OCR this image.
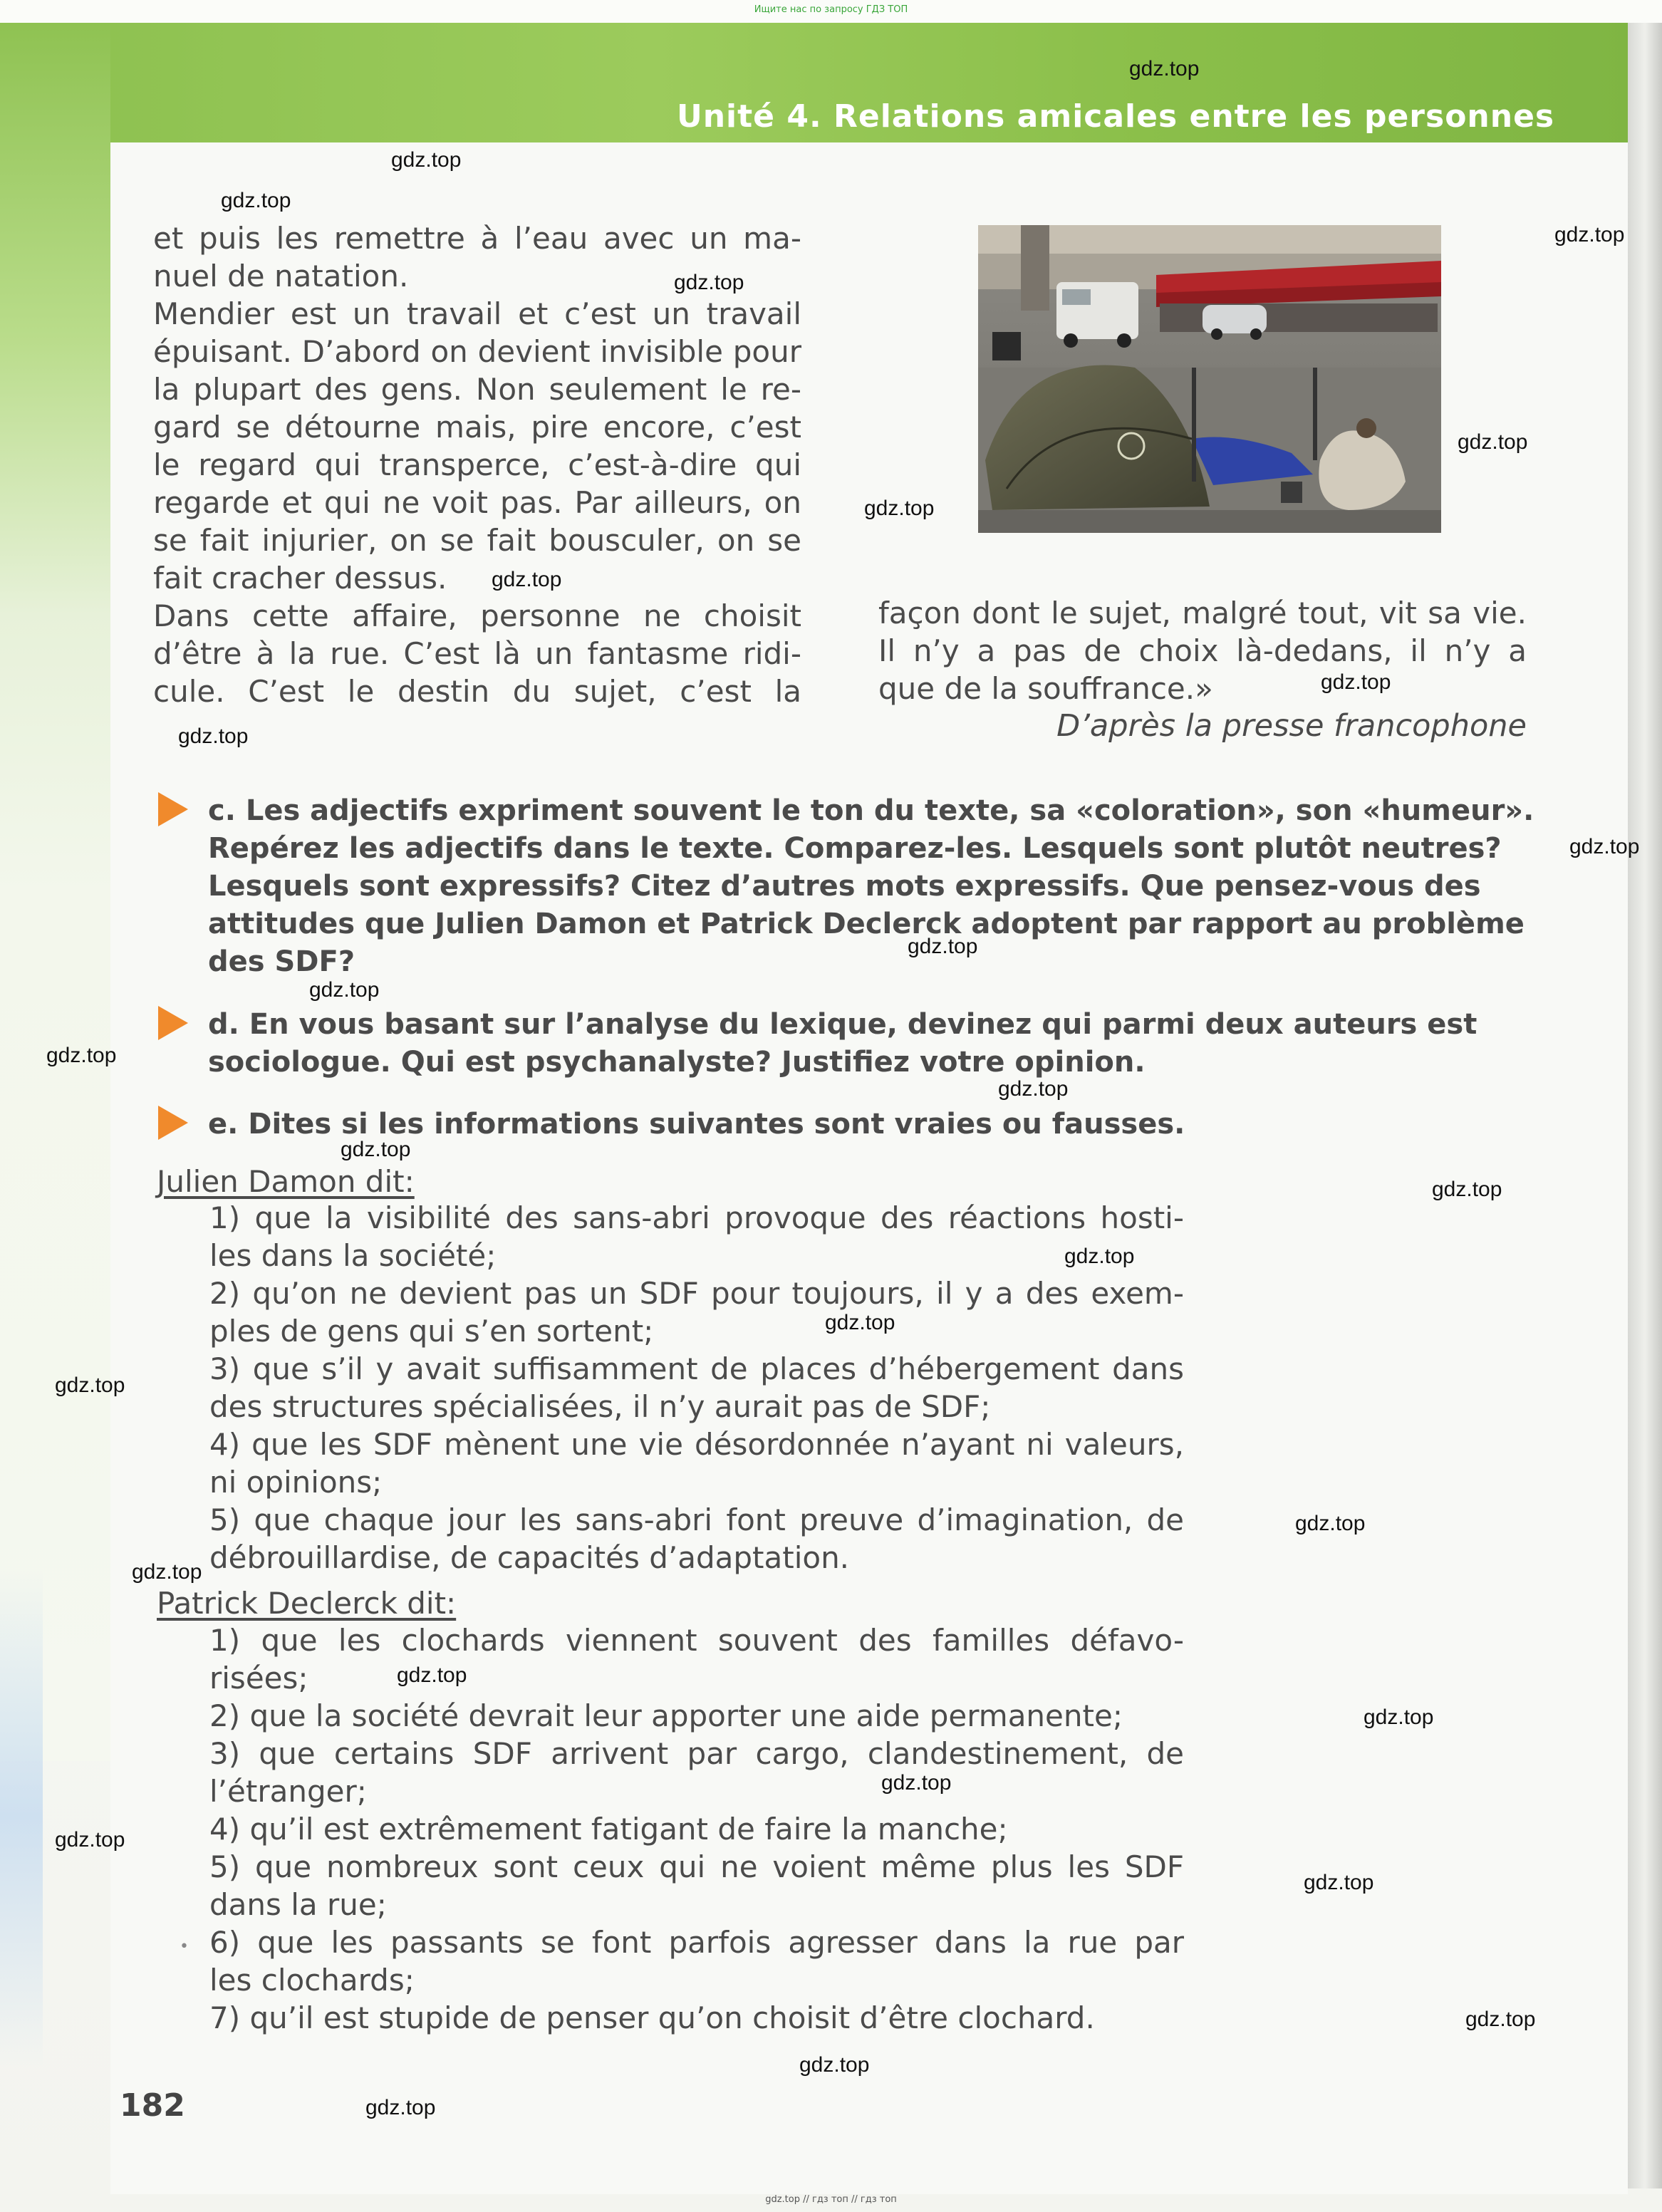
Ищите нас по запросу ГДЗ ТОП
Unité 4. Relations amicales entre les personnes
et puis les remettre à l’eau avec un ma-
nuel de natation.
Mendier est un travail et c’est un travail
épuisant. D’abord on devient invisible pour
la plupart des gens. Non seulement le re-
gard se détourne mais, pire encore, c’est
le regard qui transperce, c’est-à-dire qui
regarde et qui ne voit pas. Par ailleurs, on
se fait injurier, on se fait bousculer, on se
fait cracher dessus.
Dans cette affaire, personne ne choisit
d’être à la rue. C’est là un fantasme ridi-
cule. C’est le destin du sujet, c’est la
façon dont le sujet, malgré tout, vit sa vie.
Il n’y a pas de choix là-dedans, il n’y a
que de la souffrance.»
D’après la presse francophone
c. Les adjectifs expriment souvent le ton du texte, sa «coloration», son «humeur».
Repérez les adjectifs dans le texte. Comparez-les. Lesquels sont plutôt neutres?
Lesquels sont expressifs? Citez d’autres mots expressifs. Que pensez-vous des
attitudes que Julien Damon et Patrick Declerck adoptent par rapport au problème
des SDF?
d. En vous basant sur l’analyse du lexique, devinez qui parmi deux auteurs est
sociologue. Qui est psychanalyste? Justifiez votre opinion.
e. Dites si les informations suivantes sont vraies ou fausses.
Julien Damon dit:
1) que la visibilité des sans-abri provoque des réactions hosti-
les dans la société;
2) qu’on ne devient pas un SDF pour toujours, il y a des exem-
ples de gens qui s’en sortent;
3) que s’il y avait suffisamment de places d’hébergement dans
des structures spécialisées, il n’y aurait pas de SDF;
4) que les SDF mènent une vie désordonnée n’ayant ni valeurs,
ni opinions;
5) que chaque jour les sans-abri font preuve d’imagination, de
débrouillardise, de capacités d’adaptation.
Patrick Declerck dit:
1) que les clochards viennent souvent des familles défavo-
risées;
2) que la société devrait leur apporter une aide permanente;
3) que certains SDF arrivent par cargo, clandestinement, de
l’étranger;
4) qu’il est extrêmement fatigant de faire la manche;
5) que nombreux sont ceux qui ne voient même plus les SDF
dans la rue;
6) que les passants se font parfois agresser dans la rue par
les clochards;
7) qu’il est stupide de penser qu’on choisit d’être clochard.
•
182
gdz.top // гдз топ // гдз топ
gdz.top
gdz.top
gdz.top
gdz.top
gdz.top
gdz.top
gdz.top
gdz.top
gdz.top
gdz.top
gdz.top
gdz.top
gdz.top
gdz.top
gdz.top
gdz.top
gdz.top
gdz.top
gdz.top
gdz.top
gdz.top
gdz.top
gdz.top
gdz.top
gdz.top
gdz.top
gdz.top
gdz.top
gdz.top
gdz.top
